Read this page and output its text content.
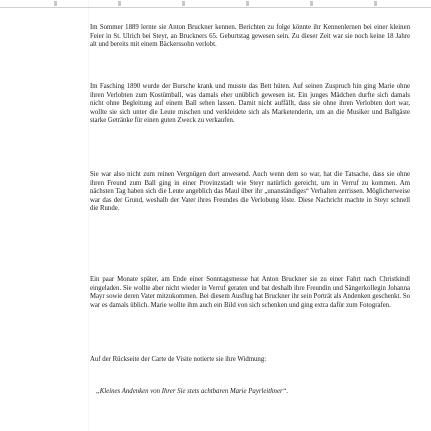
Im Sommer 1889 lernte sie Anton Bruckner kennen. Berichten zu folge könnte ihr Kennenlernen bei einer kleinen Feier in St. Ulrich bei Steyr, an Bruckners 65. Geburtstag gewesen sein. Zu dieser Zeit war sie noch keine 18 Jahre alt und bereits mit einem Bäckerssohn verlobt.

Im Fasching 1890 wurde der Bursche krank und musste das Bett hüten. Auf seinen Zuspruch hin ging Marie ohne ihren Verlobten zum Kostümball, was damals eher unüblich gewesen ist. Ein junges Mädchen durfte sich damals nicht ohne Begleitung auf einem Ball sehen lassen. Damit nicht auffällt, dass sie ohne ihren Verlobten dort war, wollte sie sich unter die Leute mischen und verkleidete sich als Marketenderin, um an die Musiker und Ballgäste starke Getränke für einen guten Zweck zu verkaufen.

Sie war also nicht zum reinen Vergnügen dort anwesend. Auch wenn dem so war, hat die Tatsache, dass sie ohne ihren Freund zum Ball ging in einer Provinzstadt wie Steyr natürlich gereicht, um in Verruf zu kommen. Am nächsten Tag haben sich die Leute angeblich das Maul über ihr „unanständiges“ Verhalten zerrissen. Möglicherweise war das der Grund, weshalb der Vater ihres Freundes die Verlobung löste. Diese Nachricht machte in Steyr schnell die Runde.

Ein paar Monate später, am Ende einer Sonntagsmesse hat Anton Bruckner sie zu einer Fahrt nach Christkindl eingeladen. Sie wollte aber nicht wieder in Verruf geraten und bat deshalb ihre Freundin und Sängerkollegin Johanna Mayr sowie deren Vater mitzukommen. Bei diesem Ausflug hat Bruckner ihr sein Porträt als Andenken geschenkt. So war es damals üblich. Marie wollte ihm auch ein Bild von sich schenken und ging extra dafür zum Fotografen.

Auf der Rückseite der Carte de Visite notierte sie ihre Widmung:

„Kleines Andenken von Ihrer Sie stets achtbaren Marie Payrleithner“.
